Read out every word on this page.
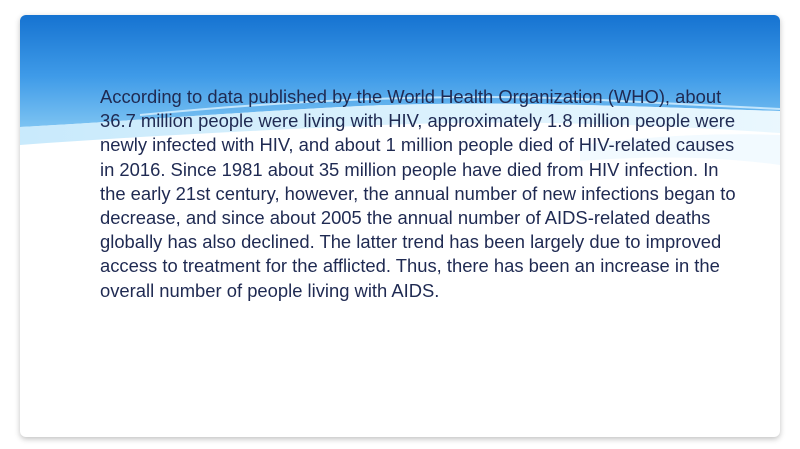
According to data published by the World Health Organization (WHO), about 36.7 million people were living with HIV, approximately 1.8 million people were newly infected with HIV, and about 1 million people died of HIV-related causes in 2016. Since 1981 about 35 million people have died from HIV infection. In the early 21st century, however, the annual number of new infections began to decrease, and since about 2005 the annual number of AIDS-related deaths globally has also declined. The latter trend has been largely due to improved access to treatment for the afflicted. Thus, there has been an increase in the overall number of people living with AIDS.
